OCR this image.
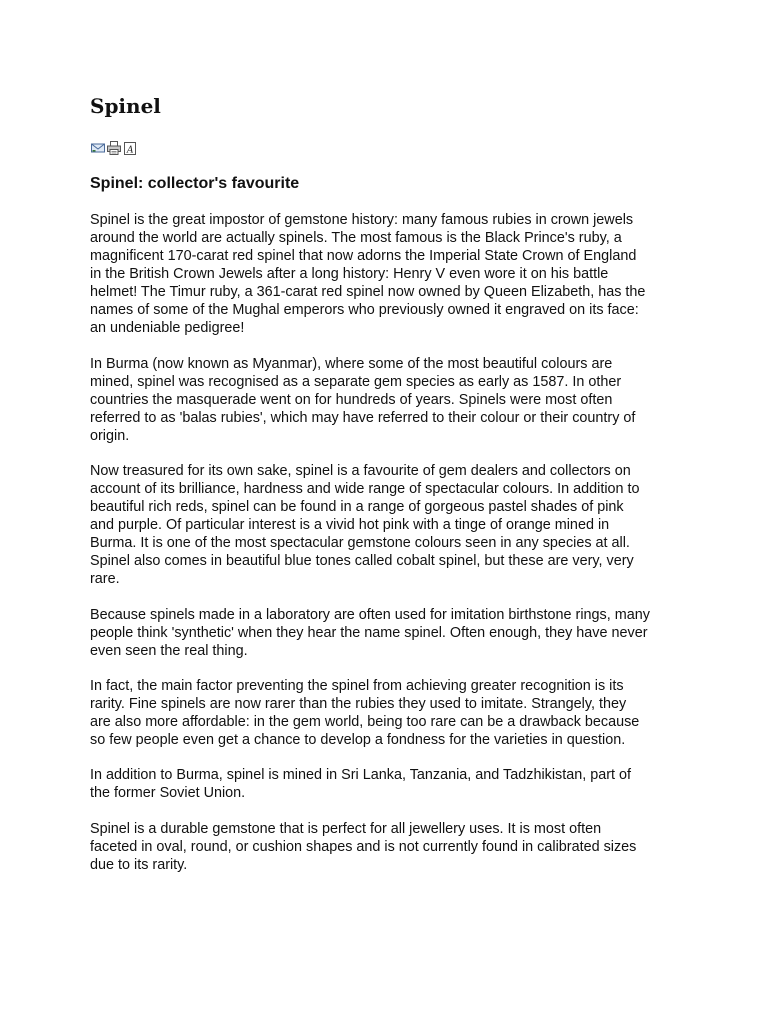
Spinel
A
Spinel: collector's favourite

Spinel is the great impostor of gemstone history: many famous rubies in crown jewels
around the world are actually spinels. The most famous is the Black Prince's ruby, a
magnificent 170-carat red spinel that now adorns the Imperial State Crown of England
in the British Crown Jewels after a long history: Henry V even wore it on his battle
helmet! The Timur ruby, a 361-carat red spinel now owned by Queen Elizabeth, has the
names of some of the Mughal emperors who previously owned it engraved on its face:
an undeniable pedigree!

In Burma (now known as Myanmar), where some of the most beautiful colours are
mined, spinel was recognised as a separate gem species as early as 1587. In other
countries the masquerade went on for hundreds of years. Spinels were most often
referred to as 'balas rubies', which may have referred to their colour or their country of
origin.

Now treasured for its own sake, spinel is a favourite of gem dealers and collectors on
account of its brilliance, hardness and wide range of spectacular colours. In addition to
beautiful rich reds, spinel can be found in a range of gorgeous pastel shades of pink
and purple. Of particular interest is a vivid hot pink with a tinge of orange mined in
Burma. It is one of the most spectacular gemstone colours seen in any species at all.
Spinel also comes in beautiful blue tones called cobalt spinel, but these are very, very
rare.

Because spinels made in a laboratory are often used for imitation birthstone rings, many
people think 'synthetic' when they hear the name spinel. Often enough, they have never
even seen the real thing.

In fact, the main factor preventing the spinel from achieving greater recognition is its
rarity. Fine spinels are now rarer than the rubies they used to imitate. Strangely, they
are also more affordable: in the gem world, being too rare can be a drawback because
so few people even get a chance to develop a fondness for the varieties in question.

In addition to Burma, spinel is mined in Sri Lanka, Tanzania, and Tadzhikistan, part of
the former Soviet Union.

Spinel is a durable gemstone that is perfect for all jewellery uses. It is most often
faceted in oval, round, or cushion shapes and is not currently found in calibrated sizes
due to its rarity.
